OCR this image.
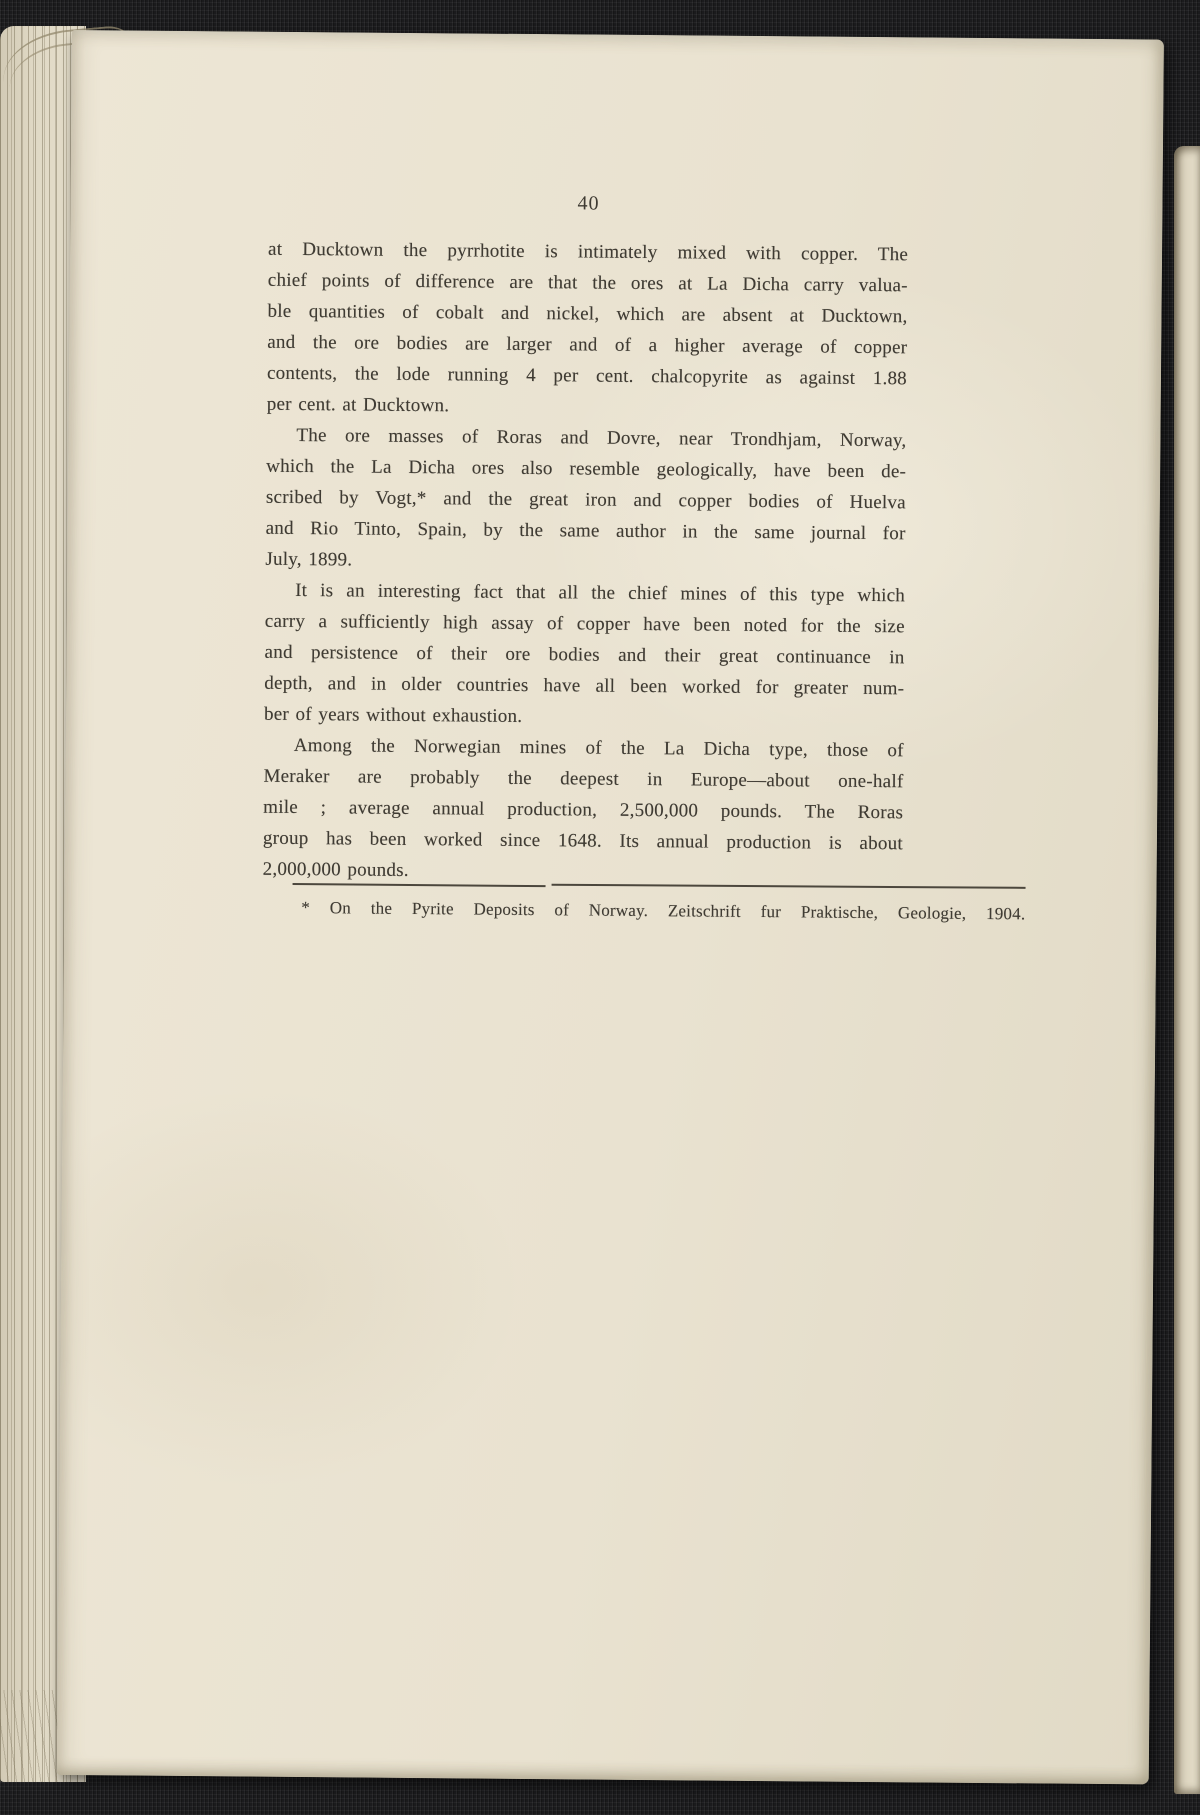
40
at Ducktown the pyrrhotite is intimately mixed with copper. The
chief points of difference are that the ores at La Dicha carry valua-
ble quantities of cobalt and nickel, which are absent at Ducktown,
and the ore bodies are larger and of a higher average of copper
contents, the lode running 4 per cent. chalcopyrite as against 1.88
per cent. at Ducktown.
The ore masses of Roras and Dovre, near Trondhjam, Norway,
which the La Dicha ores also resemble geologically, have been de-
scribed by Vogt,* and the great iron and copper bodies of Huelva
and Rio Tinto, Spain, by the same author in the same journal for
July, 1899.
It is an interesting fact that all the chief mines of this type which
carry a sufficiently high assay of copper have been noted for the size
and persistence of their ore bodies and their great continuance in
depth, and in older countries have all been worked for greater num-
ber of years without exhaustion.
Among the Norwegian mines of the La Dicha type, those of
Meraker are probably the deepest in Europe—about one-half
mile ; average annual production, 2,500,000 pounds. The Roras
group has been worked since 1648. Its annual production is about
2,000,000 pounds.
* On the Pyrite Deposits of Norway. Zeitschrift fur Praktische, Geologie, 1904.
